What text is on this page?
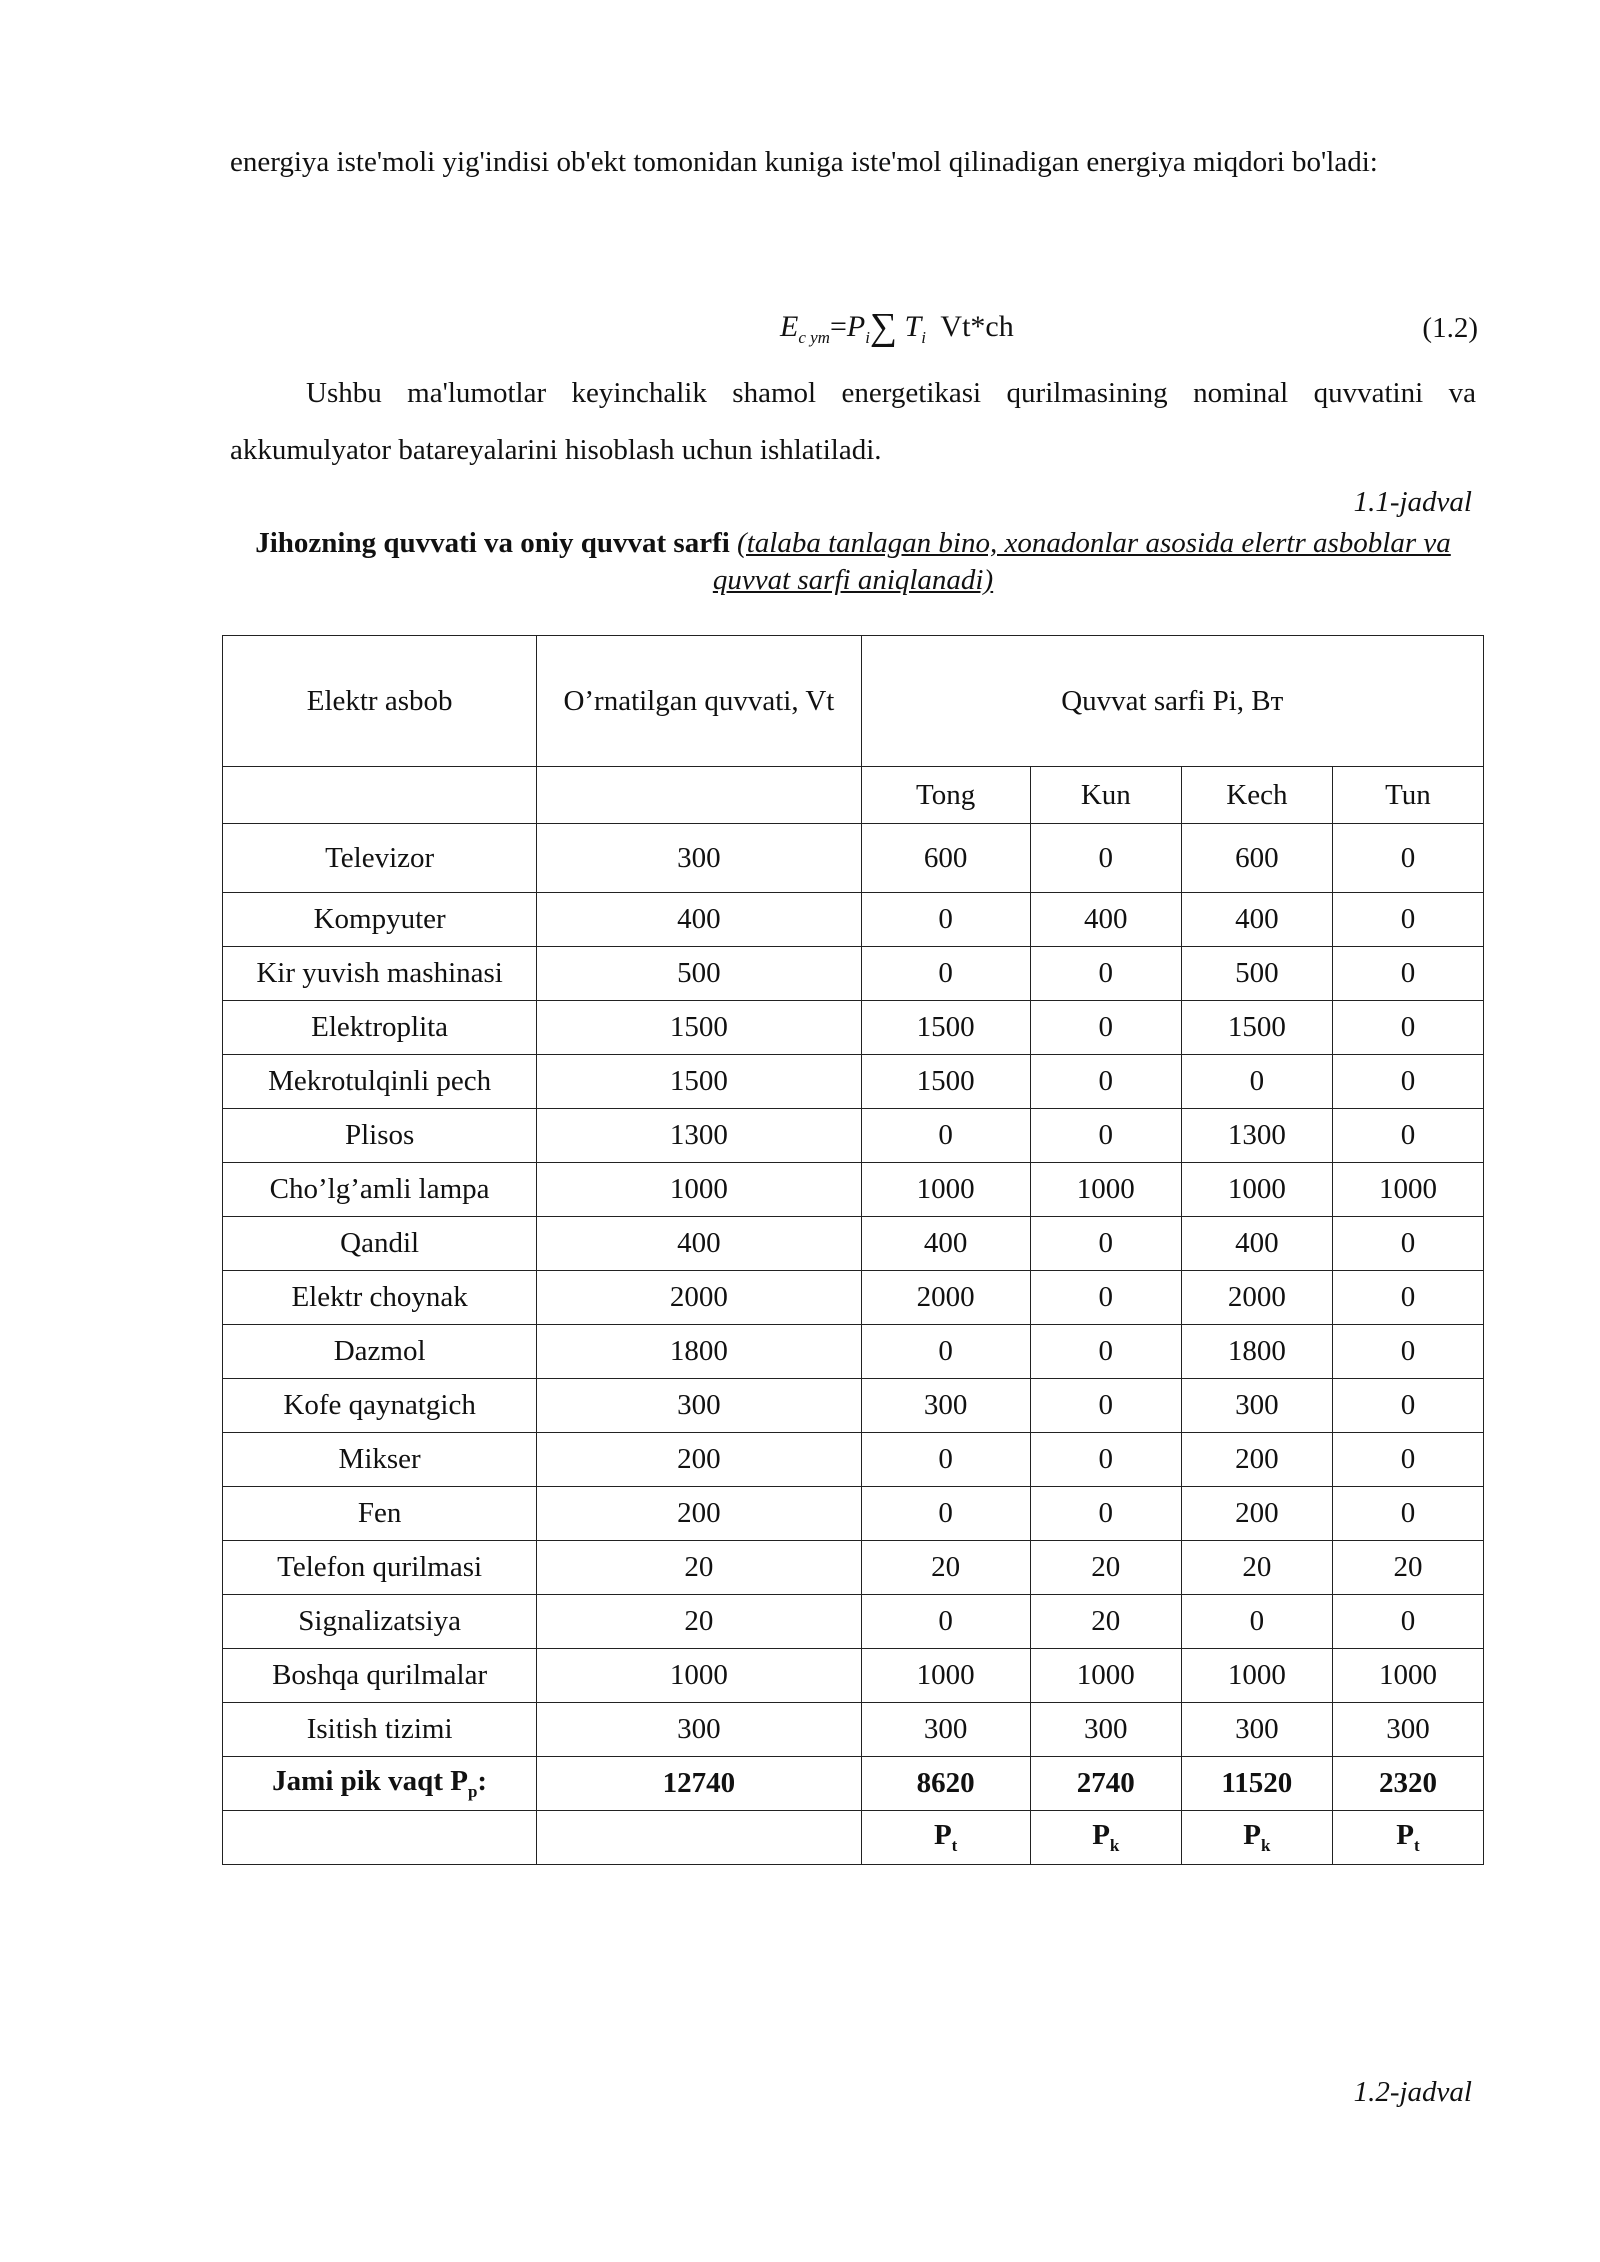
energiya iste'moli yig'indisi ob'ekt tomonidan kuniga iste'mol qilinadigan energiya miqdori bo'ladi:
$E_{c ym}=P_i\sum$ $T_i$ Vt*ch	(1.2)
Ushbu ma'lumotlar keyinchalik shamol energetikasi qurilmasining nominal quvvatini va akkumulyator batareyalarini hisoblash uchun ishlatiladi.
1.1-jadval
Jihozning quvvati va oniy quvvat sarfi (talaba tanlagan bino, xonadonlar asosida elertr asboblar va quvvat sarfi aniqlanadi)
Elektr asbob	O’rnatilgan quvvati, Vt	Quvvat sarfi Pi, Вт			
		Tong	Kun	Kech	Tun
Televizor	300	600	0	600	0
Kompyuter	400	0	400	400	0
Kir yuvish mashinasi	500	0	0	500	0
Elektroplita	1500	1500	0	1500	0
Mekrotulqinli pech	1500	1500	0	0	0
Plisos	1300	0	0	1300	0
Cho’lg’amli lampa	1000	1000	1000	1000	1000
Qandil	400	400	0	400	0
Elektr choynak	2000	2000	0	2000	0
Dazmol	1800	0	0	1800	0
Kofe qaynatgich	300	300	0	300	0
Mikser	200	0	0	200	0
Fen	200	0	0	200	0
Telefon qurilmasi	20	20	20	20	20
Signalizatsiya	20	0	20	0	0
Boshqa qurilmalar	1000	1000	1000	1000	1000
Isitish tizimi	300	300	300	300	300
Jami pik vaqt $P_p$:	12740	8620	2740	11520	2320
		$P_t$	$P_k$	$P_k$	$P_t$
1.2-jadval
